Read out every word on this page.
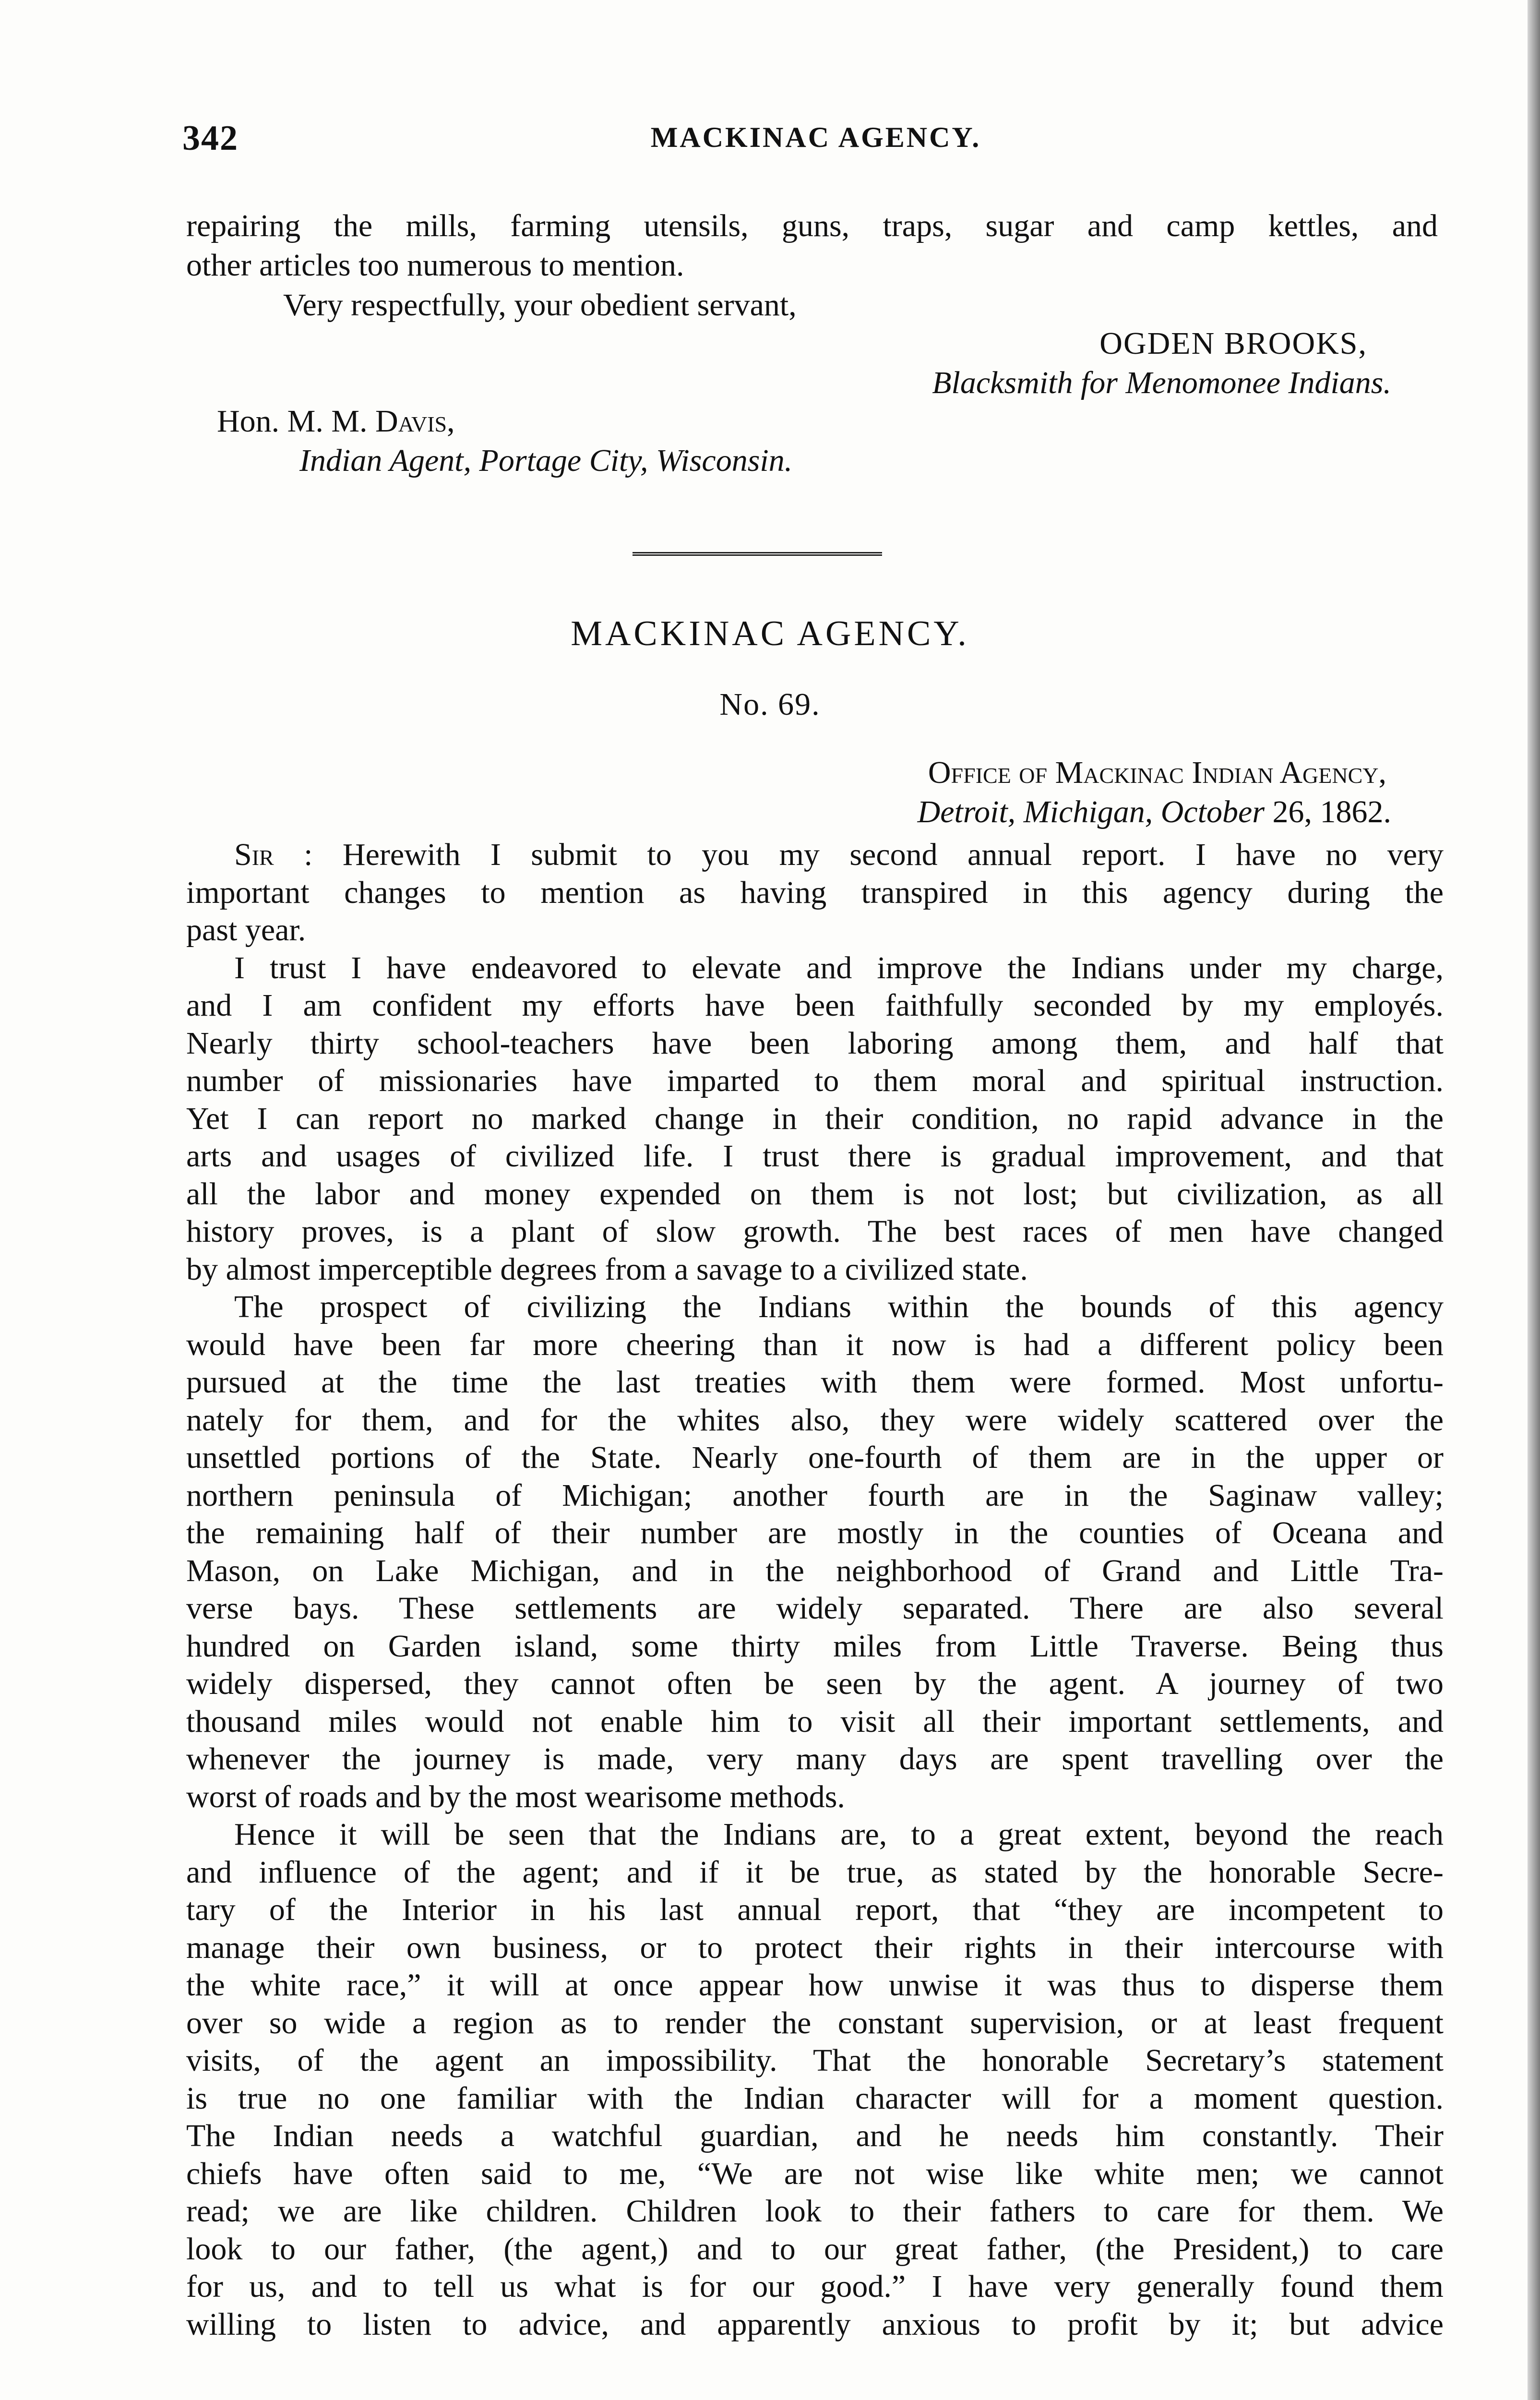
342	MACKINAC AGENCY.
repairing the mills, farming utensils, guns, traps, sugar and camp kettles, and
other articles too numerous to mention.
Very respectfully, your obedient servant,
OGDEN BROOKS,
Blacksmith for Menomonee Indians.
Hon. M. M. Davis,
Indian Agent, Portage City, Wisconsin.
MACKINAC AGENCY.
No. 69.
Office of Mackinac Indian Agency,
Detroit, Michigan, October 26, 1862.
Sir : Herewith I submit to you my second annual report. I have no very
important changes to mention as having transpired in this agency during the
past year.
I trust I have endeavored to elevate and improve the Indians under my charge,
and I am confident my efforts have been faithfully seconded by my employés.
Nearly thirty school-teachers have been laboring among them, and half that
number of missionaries have imparted to them moral and spiritual instruction.
Yet I can report no marked change in their condition, no rapid advance in the
arts and usages of civilized life. I trust there is gradual improvement, and that
all the labor and money expended on them is not lost; but civilization, as all
history proves, is a plant of slow growth. The best races of men have changed
by almost imperceptible degrees from a savage to a civilized state.
The prospect of civilizing the Indians within the bounds of this agency
would have been far more cheering than it now is had a different policy been
pursued at the time the last treaties with them were formed. Most unfortu-
nately for them, and for the whites also, they were widely scattered over the
unsettled portions of the State. Nearly one-fourth of them are in the upper or
northern peninsula of Michigan; another fourth are in the Saginaw valley;
the remaining half of their number are mostly in the counties of Oceana and
Mason, on Lake Michigan, and in the neighborhood of Grand and Little Tra-
verse bays. These settlements are widely separated. There are also several
hundred on Garden island, some thirty miles from Little Traverse. Being thus
widely dispersed, they cannot often be seen by the agent. A journey of two
thousand miles would not enable him to visit all their important settlements, and
whenever the journey is made, very many days are spent travelling over the
worst of roads and by the most wearisome methods.
Hence it will be seen that the Indians are, to a great extent, beyond the reach
and influence of the agent; and if it be true, as stated by the honorable Secre-
tary of the Interior in his last annual report, that “they are incompetent to
manage their own business, or to protect their rights in their intercourse with
the white race,” it will at once appear how unwise it was thus to disperse them
over so wide a region as to render the constant supervision, or at least frequent
visits, of the agent an impossibility. That the honorable Secretary’s statement
is true no one familiar with the Indian character will for a moment question.
The Indian needs a watchful guardian, and he needs him constantly. Their
chiefs have often said to me, “We are not wise like white men; we cannot
read; we are like children. Children look to their fathers to care for them. We
look to our father, (the agent,) and to our great father, (the President,) to care
for us, and to tell us what is for our good.” I have very generally found them
willing to listen to advice, and apparently anxious to profit by it; but advice
